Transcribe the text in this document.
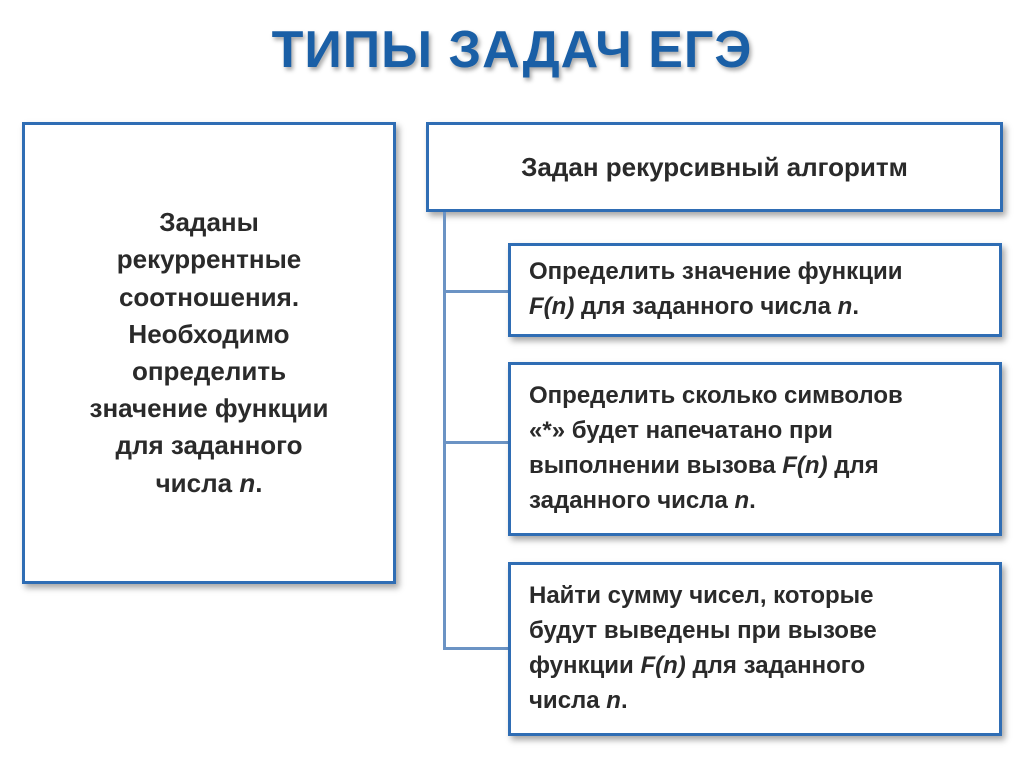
ТИПЫ ЗАДАЧ ЕГЭ
Заданы
рекуррентные
соотношения.
Необходимо
определить
значение функции
для заданного
числа n.
Задан рекурсивный алгоритм
Определить значение функции
F(n) для заданного числа n.
Определить сколько символов
«*» будет напечатано при
выполнении вызова F(n) для
заданного числа n.
Найти сумму чисел, которые
будут выведены при вызове
функции F(n) для заданного
числа n.
